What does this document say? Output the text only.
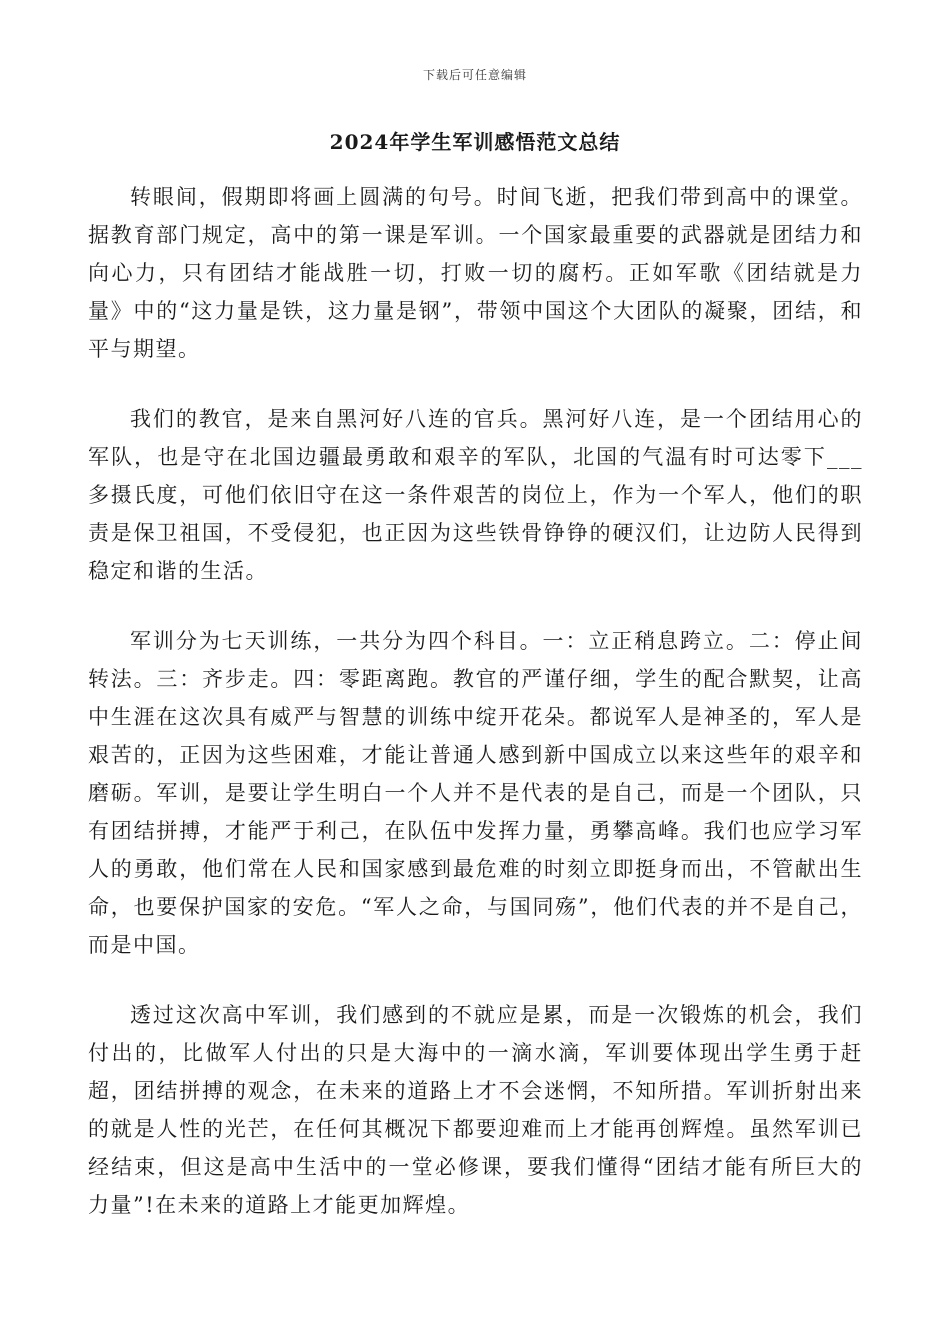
下载后可任意编辑
2024年学生军训感悟范文总结

转眼间，假期即将画上圆满的句号。时间飞逝，把我们带到高中的课堂。据教育部门规定，高中的第一课是军训。一个国家最重要的武器就是团结力和向心力，只有团结才能战胜一切，打败一切的腐朽。正如军歌《团结就是力量》中的“这力量是铁，这力量是钢”，带领中国这个大团队的凝聚，团结，和平与期望。

我们的教官，是来自黑河好八连的官兵。黑河好八连，是一个团结用心的军队，也是守在北国边疆最勇敢和艰辛的军队，北国的气温有时可达零下___多摄氏度，可他们依旧守在这一条件艰苦的岗位上，作为一个军人，他们的职责是保卫祖国，不受侵犯，也正因为这些铁骨铮铮的硬汉们，让边防人民得到稳定和谐的生活。

军训分为七天训练，一共分为四个科目。一：立正稍息跨立。二：停止间转法。三：齐步走。四：零距离跑。教官的严谨仔细，学生的配合默契，让高中生涯在这次具有威严与智慧的训练中绽开花朵。都说军人是神圣的，军人是艰苦的，正因为这些困难，才能让普通人感到新中国成立以来这些年的艰辛和磨砺。军训，是要让学生明白一个人并不是代表的是自己，而是一个团队，只有团结拼搏，才能严于利己，在队伍中发挥力量，勇攀高峰。我们也应学习军人的勇敢，他们常在人民和国家感到最危难的时刻立即挺身而出，不管献出生命，也要保护国家的安危。“军人之命，与国同殇”，他们代表的并不是自己，而是中国。

透过这次高中军训，我们感到的不就应是累，而是一次锻炼的机会，我们付出的，比做军人付出的只是大海中的一滴水滴，军训要体现出学生勇于赶超，团结拼搏的观念，在未来的道路上才不会迷惘，不知所措。军训折射出来的就是人性的光芒，在任何其概况下都要迎难而上才能再创辉煌。虽然军训已经结束，但这是高中生活中的一堂必修课，要我们懂得“团结才能有所巨大的力量”!在未来的道路上才能更加辉煌。
